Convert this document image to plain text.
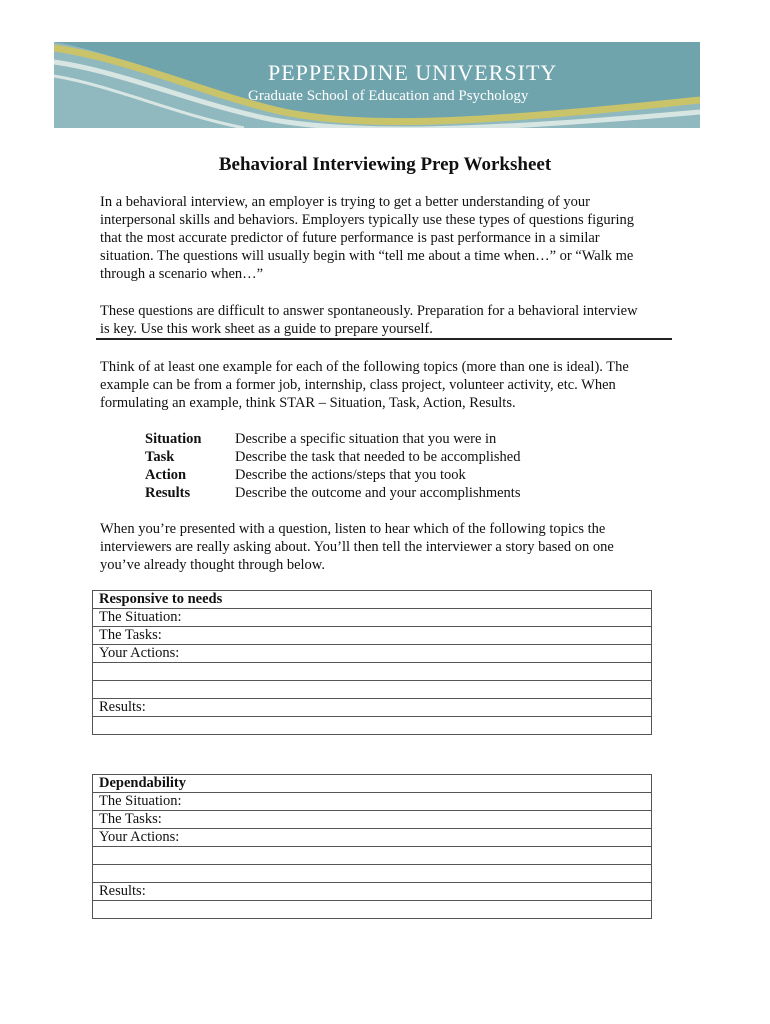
PEPPERDINE UNIVERSITY
Graduate School of Education and Psychology
Behavioral Interviewing Prep Worksheet
In a behavioral interview, an employer is trying to get a better understanding of your
interpersonal skills and behaviors. Employers typically use these types of questions figuring
that the most accurate predictor of future performance is past performance in a similar
situation. The questions will usually begin with “tell me about a time when…” or “Walk me
through a scenario when…”
These questions are difficult to answer spontaneously. Preparation for a behavioral interview
is key. Use this work sheet as a guide to prepare yourself.
Think of at least one example for each of the following topics (more than one is ideal). The
example can be from a former job, internship, class project, volunteer activity, etc. When
formulating an example, think STAR – Situation, Task, Action, Results.
Situation Describe a specific situation that you were in
Task	Describe the task that needed to be accomplished
Action	Describe the actions/steps that you took
Results	Describe the outcome and your accomplishments
When you’re presented with a question, listen to hear which of the following topics the
interviewers are really asking about. You’ll then tell the interviewer a story based on one
you’ve already thought through below.
Responsive to needs
The Situation:
The Tasks:
Your Actions:

Results:

Dependability
The Situation:
The Tasks:
Your Actions:

Results:
